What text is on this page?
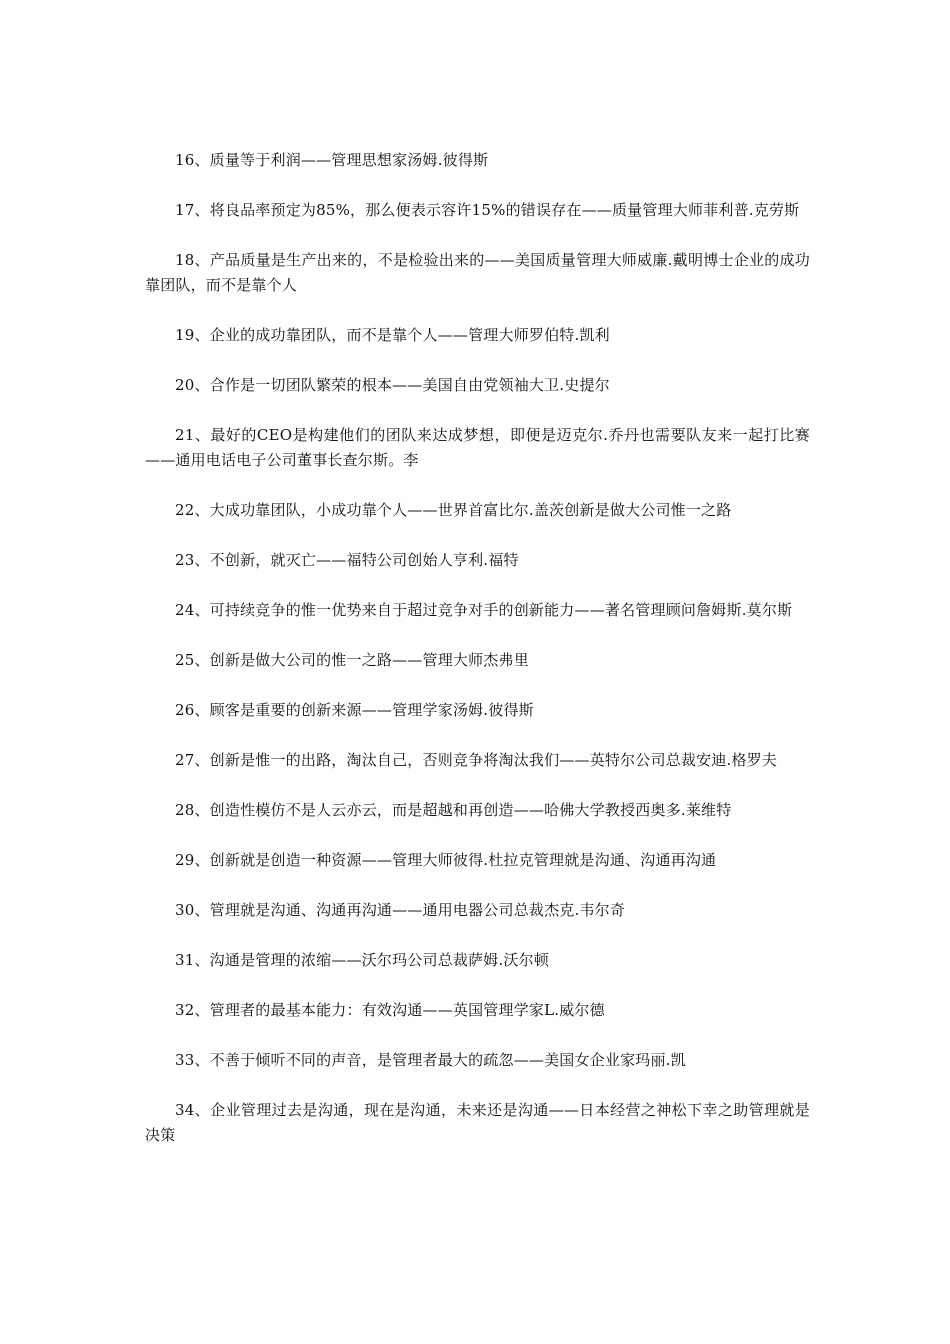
16、质量等于利润——管理思想家汤姆.彼得斯

17、将良品率预定为85%，那么便表示容许15%的错误存在——质量管理大师菲利普.克劳斯

18、产品质量是生产出来的，不是检验出来的——美国质量管理大师威廉.戴明博士企业的成功靠团队，而不是靠个人

19、企业的成功靠团队，而不是靠个人——管理大师罗伯特.凯利

20、合作是一切团队繁荣的根本——美国自由党领袖大卫.史提尔

21、最好的CEO是构建他们的团队来达成梦想，即便是迈克尔.乔丹也需要队友来一起打比赛——通用电话电子公司董事长查尔斯。李

22、大成功靠团队，小成功靠个人——世界首富比尔.盖茨创新是做大公司惟一之路

23、不创新，就灭亡——福特公司创始人亨利.福特

24、可持续竞争的惟一优势来自于超过竞争对手的创新能力——著名管理顾问詹姆斯.莫尔斯

25、创新是做大公司的惟一之路——管理大师杰弗里

26、顾客是重要的创新来源——管理学家汤姆.彼得斯

27、创新是惟一的出路，淘汰自己，否则竞争将淘汰我们——英特尔公司总裁安迪.格罗夫

28、创造性模仿不是人云亦云，而是超越和再创造——哈佛大学教授西奥多.莱维特

29、创新就是创造一种资源——管理大师彼得.杜拉克管理就是沟通、沟通再沟通

30、管理就是沟通、沟通再沟通——通用电器公司总裁杰克.韦尔奇

31、沟通是管理的浓缩——沃尔玛公司总裁萨姆.沃尔顿

32、管理者的最基本能力：有效沟通——英国管理学家L.威尔德

33、不善于倾听不同的声音，是管理者最大的疏忽——美国女企业家玛丽.凯

34、企业管理过去是沟通，现在是沟通，未来还是沟通——日本经营之神松下幸之助管理就是决策
